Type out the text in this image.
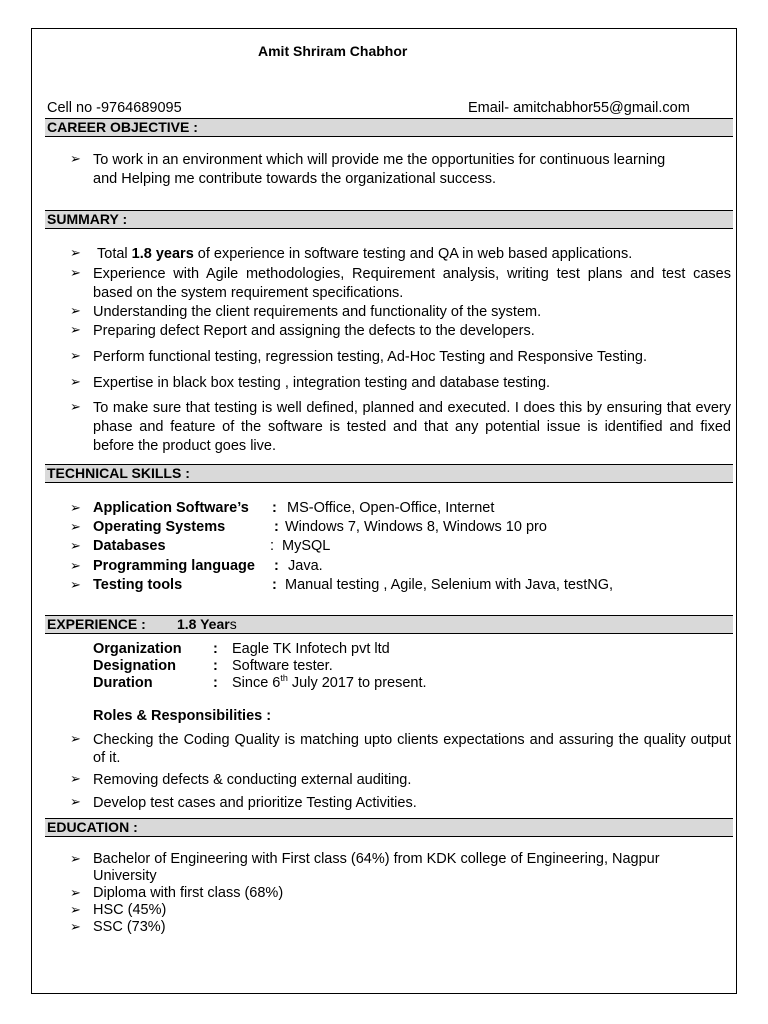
Amit Shriram Chabhor
Cell no -9764689095	Email- amitchabhor55@gmail.com
CAREER OBJECTIVE :
➢ To work in an environment which will provide me the opportunities for continuous learning
and Helping me contribute towards the organizational success.
SUMMARY :
➢ Total 1.8 years of experience in software testing and QA in web based applications.
➢ Experience with Agile methodologies, Requirement analysis, writing test plans and test cases based on the system requirement specifications.
➢ Understanding the client requirements and functionality of the system.
➢ Preparing defect Report and assigning the defects to the developers.
➢ Perform functional testing, regression testing, Ad-Hoc Testing and Responsive Testing.
➢ Expertise in black box testing , integration testing and database testing.
➢ To make sure that testing is well defined, planned and executed. I does this by ensuring that every phase and feature of the software is tested and that any potential issue is identified and fixed before the product goes live.
TECHNICAL SKILLS :
➢ Application Software’s : MS-Office, Open-Office, Internet
➢ Operating Systems	: Windows 7, Windows 8, Windows 10 pro
➢ Databases	: MySQL
➢ Programming language : Java.
➢ Testing tools	: Manual testing , Agile, Selenium with Java, testNG,
EXPERIENCE : 1.8 Years
Organization : Eagle TK Infotech pvt ltd
Designation	: Software tester.
Duration	: Since 6th July 2017 to present.
Roles & Responsibilities :
➢ Checking the Coding Quality is matching upto clients expectations and assuring the quality output of it.
➢ Removing defects & conducting external auditing.
➢ Develop test cases and prioritize Testing Activities.
EDUCATION :
➢ Bachelor of Engineering with First class (64%) from KDK college of Engineering, Nagpur
University
➢ Diploma with first class (68%)
➢ HSC (45%)
➢ SSC (73%)
